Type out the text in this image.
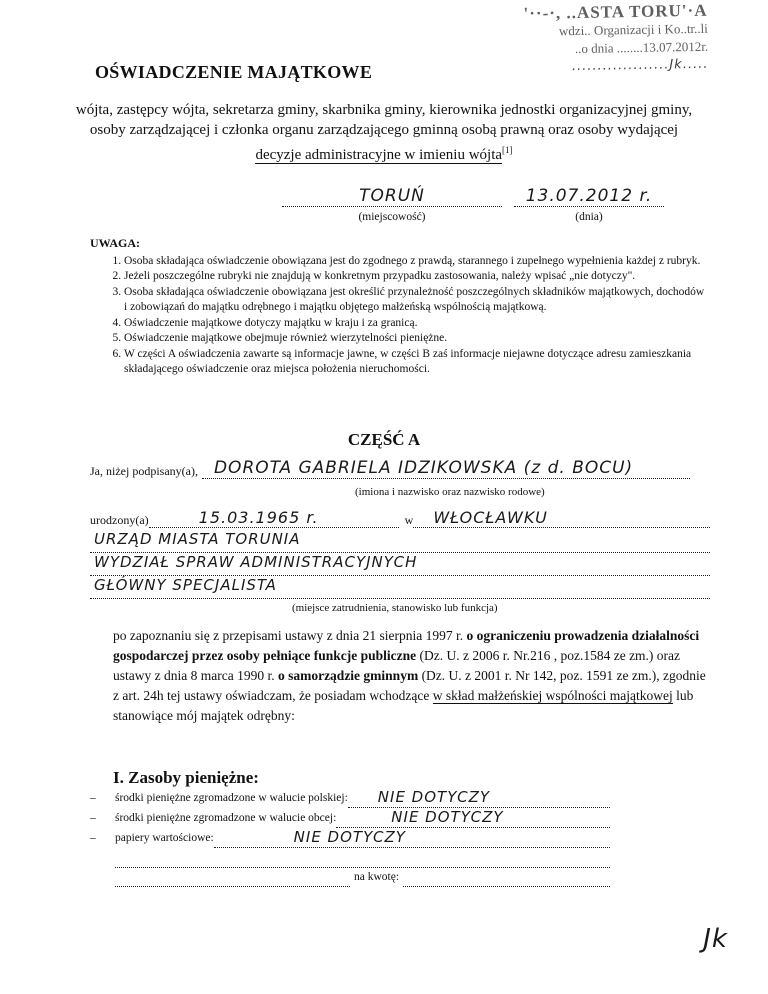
'··-·, ..ASTA TORU'·A
wdzi.. Organizacji i Ko..tr..li
..o dnia ........13.07.2012r.
...................Jk.....
OŚWIADCZENIE MAJĄTKOWE
wójta, zastępcy wójta, sekretarza gminy, skarbnika gminy, kierownika jednostki organizacyjnej gminy,
osoby zarządzającej i członka organu zarządzającego gminną osobą prawną oraz osoby wydającej
decyzje administracyjne w imieniu wójta[1]
TORUŃ	13.07.2012 r.
(miejscowość)	(dnia)
UWAGA:
1. Osoba składająca oświadczenie obowiązana jest do zgodnego z prawdą, starannego i zupełnego wypełnienia każdej z rubryk.
2. Jeżeli poszczególne rubryki nie znajdują w konkretnym przypadku zastosowania, należy wpisać „nie dotyczy".
3. Osoba składająca oświadczenie obowiązana jest określić przynależność poszczególnych składników majątkowych, dochodów i zobowiązań do majątku odrębnego i majątku objętego małżeńską wspólnością majątkową.
4. Oświadczenie majątkowe dotyczy majątku w kraju i za granicą.
5. Oświadczenie majątkowe obejmuje również wierzytelności pieniężne.
6. W części A oświadczenia zawarte są informacje jawne, w części B zaś informacje niejawne dotyczące adresu zamieszkania składającego oświadczenie oraz miejsca położenia nieruchomości.
CZĘŚĆ A
Ja, niżej podpisany(a), DOROTA GABRIELA IDZIKOWSKA (z d. BOCU)
(imiona i nazwisko oraz nazwisko rodowe)
urodzony(a)	15.03.1965 r.	w	WŁOCŁAWKU
URZĄD MIASTA TORUNIA
WYDZIAŁ SPRAW ADMINISTRACYJNYCH
GŁÓWNY SPECJALISTA
(miejsce zatrudnienia, stanowisko lub funkcja)
po zapoznaniu się z przepisami ustawy z dnia 21 sierpnia 1997 r. o ograniczeniu prowadzenia działalności gospodarczej przez osoby pełniące funkcje publiczne (Dz. U. z 2006 r. Nr.216 , poz.1584 ze zm.) oraz ustawy z dnia 8 marca 1990 r. o samorządzie gminnym (Dz. U. z 2001 r. Nr 142, poz. 1591 ze zm.), zgodnie z art. 24h tej ustawy oświadczam, że posiadam wchodzące w skład małżeńskiej wspólności majątkowej lub stanowiące mój majątek odrębny:
I. Zasoby pieniężne:
– środki pieniężne zgromadzone w walucie polskiej:	NIE DOTYCZY
– środki pieniężne zgromadzone w walucie obcej:	NIE DOTYCZY
– papiery wartościowe:	NIE DOTYCZY
na kwotę:
Jk
